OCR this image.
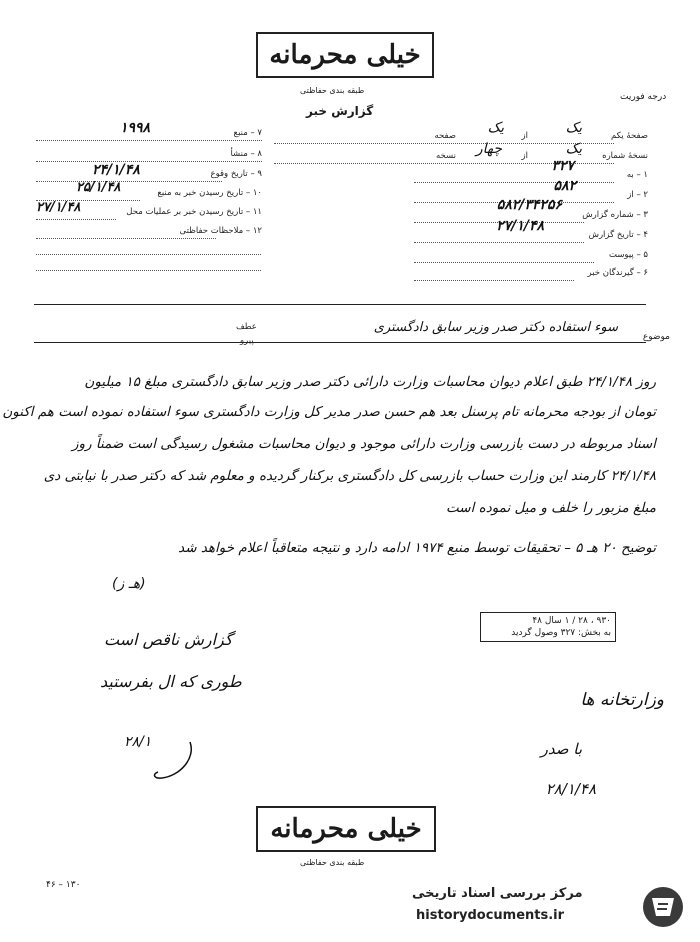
خیلی محرمانه
طبقه بندی حفاظتی
گزارش خبر
درجه فوریت
۷ – منبع
۱۹۹۸
۸ – منشأ
۹ – تاریخ وقوع
۲۴/۱/۴۸
۱۰ – تاریخ رسیدن خبر به منبع
۲۵/۱/۴۸
۱۱ – تاریخ رسیدن خبر بر عملیات محل
۲۷/۱/۴۸
۱۲ – ملاحظات حفاظتی
صفحهٔ یکم
یک
از
یک
صفحه
نسخهٔ شماره
یک
از
چهار
نسخه
۱ – به
۳۲۷
۲ – از
۵۸۲
۳ – شماره گزارش
۵۸۲/۳۴۲۵۶
۴ – تاریخ گزارش
۲۷/۱/۴۸
۵ – پیوست
۶ – گیرندگان خبر
عطف
پیرو	موضوع
سوء استفاده دکتر صدر وزیر سابق دادگستری
روز ۲۴/۱/۴۸ طبق اعلام دیوان محاسبات وزارت دارائی دکتر صدر وزیر سابق دادگستری مبلغ ۱۵ میلیون
تومان از بودجه محرمانه تام پرسنل بعد هم حسن صدر مدیر کل وزارت دادگستری سوء استفاده نموده است هم اکنون
اسناد مربوطه در دست بازرسی وزارت دارائی موجود و دیوان محاسبات مشغول رسیدگی است ضمناً روز
۲۴/۱/۴۸ کارمند این وزارت حساب بازرسی کل دادگستری برکنار گردیده و معلوم شد که دکتر صدر با نیابتی دی
مبلغ مزبور را خلف و میل نموده است
توضیح ۲۰ هـ ۵ – تحقیقات توسط منبع ۱۹۷۴ ادامه دارد و نتیجه متعاقباً اعلام خواهد شد
(هـ ز)
۹۳۰ ، ۲۸ / ۱ سال ۴۸
به بخش: ۳۲۷ وصول گردید
گزارش ناقص است
طوری که ال بفرستید
۲۸/۱
وزارتخانه ها
با صدر
۲۸/۱/۴۸
خیلی محرمانه
طبقه بندی حفاظتی
۱۳۰ – ۴۶
مرکز بررسی اسناد تاریخی
historydocuments.ir
